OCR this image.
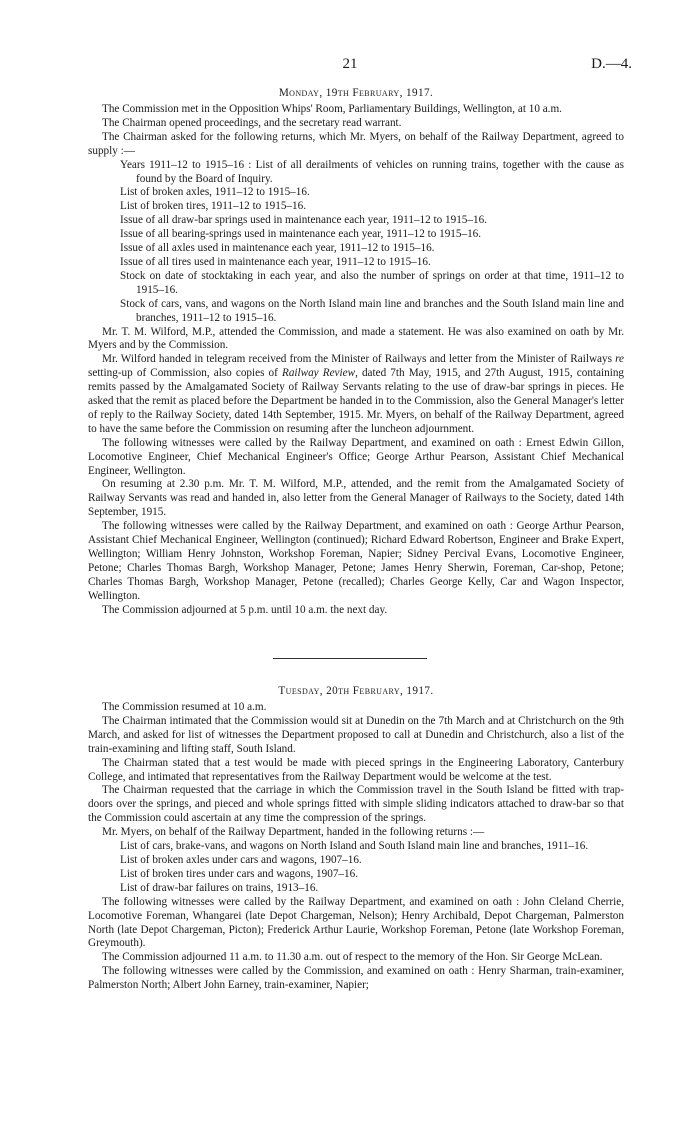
21	D.—4.
Monday, 19th February, 1917.

The Commission met in the Opposition Whips' Room, Parliamentary Buildings, Wellington, at 10 a.m.

The Chairman opened proceedings, and the secretary read warrant.

The Chairman asked for the following returns, which Mr. Myers, on behalf of the Railway Department, agreed to supply :—

Years 1911–12 to 1915–16 : List of all derailments of vehicles on running trains, together with the cause as found by the Board of Inquiry.

List of broken axles, 1911–12 to 1915–16.

List of broken tires, 1911–12 to 1915–16.

Issue of all draw-bar springs used in maintenance each year, 1911–12 to 1915–16.

Issue of all bearing-springs used in maintenance each year, 1911–12 to 1915–16.

Issue of all axles used in maintenance each year, 1911–12 to 1915–16.

Issue of all tires used in maintenance each year, 1911–12 to 1915–16.

Stock on date of stocktaking in each year, and also the number of springs on order at that time, 1911–12 to 1915–16.

Stock of cars, vans, and wagons on the North Island main line and branches and the South Island main line and branches, 1911–12 to 1915–16.

Mr. T. M. Wilford, M.P., attended the Commission, and made a statement. He was also examined on oath by Mr. Myers and by the Commission.

Mr. Wilford handed in telegram received from the Minister of Railways and letter from the Minister of Railways re setting-up of Commission, also copies of Railway Review, dated 7th May, 1915, and 27th August, 1915, containing remits passed by the Amalgamated Society of Railway Servants relating to the use of draw-bar springs in pieces. He asked that the remit as placed before the Department be handed in to the Commission, also the General Manager's letter of reply to the Railway Society, dated 14th September, 1915. Mr. Myers, on behalf of the Railway Department, agreed to have the same before the Commission on resuming after the luncheon adjournment.

The following witnesses were called by the Railway Department, and examined on oath : Ernest Edwin Gillon, Locomotive Engineer, Chief Mechanical Engineer's Office; George Arthur Pearson, Assistant Chief Mechanical Engineer, Wellington.

On resuming at 2.30 p.m. Mr. T. M. Wilford, M.P., attended, and the remit from the Amalgamated Society of Railway Servants was read and handed in, also letter from the General Manager of Railways to the Society, dated 14th September, 1915.

The following witnesses were called by the Railway Department, and examined on oath : George Arthur Pearson, Assistant Chief Mechanical Engineer, Wellington (continued); Richard Edward Robertson, Engineer and Brake Expert, Wellington; William Henry Johnston, Workshop Foreman, Napier; Sidney Percival Evans, Locomotive Engineer, Petone; Charles Thomas Bargh, Workshop Manager, Petone; James Henry Sherwin, Foreman, Car-shop, Petone; Charles Thomas Bargh, Workshop Manager, Petone (recalled); Charles George Kelly, Car and Wagon Inspector, Wellington.

The Commission adjourned at 5 p.m. until 10 a.m. the next day.

Tuesday, 20th February, 1917.

The Commission resumed at 10 a.m.

The Chairman intimated that the Commission would sit at Dunedin on the 7th March and at Christchurch on the 9th March, and asked for list of witnesses the Department proposed to call at Dunedin and Christchurch, also a list of the train-examining and lifting staff, South Island.

The Chairman stated that a test would be made with pieced springs in the Engineering Laboratory, Canterbury College, and intimated that representatives from the Railway Department would be welcome at the test.

The Chairman requested that the carriage in which the Commission travel in the South Island be fitted with trap-doors over the springs, and pieced and whole springs fitted with simple sliding indicators attached to draw-bar so that the Commission could ascertain at any time the compression of the springs.

Mr. Myers, on behalf of the Railway Department, handed in the following returns :—

List of cars, brake-vans, and wagons on North Island and South Island main line and branches, 1911–16.

List of broken axles under cars and wagons, 1907–16.

List of broken tires under cars and wagons, 1907–16.

List of draw-bar failures on trains, 1913–16.

The following witnesses were called by the Railway Department, and examined on oath : John Cleland Cherrie, Locomotive Foreman, Whangarei (late Depot Chargeman, Nelson); Henry Archibald, Depot Chargeman, Palmerston North (late Depot Chargeman, Picton); Frederick Arthur Laurie, Workshop Foreman, Petone (late Workshop Foreman, Greymouth).

The Commission adjourned 11 a.m. to 11.30 a.m. out of respect to the memory of the Hon. Sir George McLean.

The following witnesses were called by the Commission, and examined on oath : Henry Sharman, train-examiner, Palmerston North; Albert John Earney, train-examiner, Napier;
